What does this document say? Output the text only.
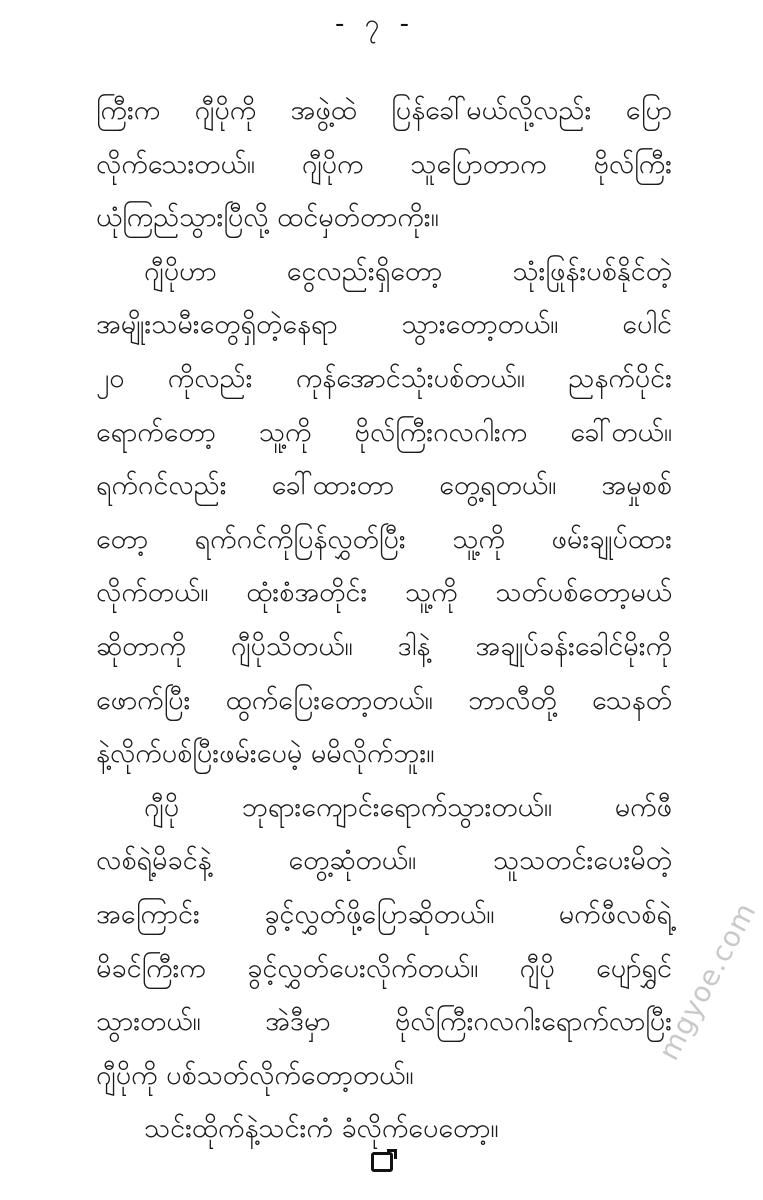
- ၇ -
ကြီးက ဂျီပိုကို အဖွဲ့ထဲ ပြန်ခေါ်မယ်လို့လည်း ပြော
လိုက်သေးတယ်။ ဂျီပိုက သူပြောတာက ဗိုလ်ကြီး
ယုံကြည်သွားပြီလို့ ထင်မှတ်တာကိုး။
ဂျီပိုဟာ ငွေလည်းရှိတော့ သုံးဖြုန်းပစ်နိုင်တဲ့
အမျိုးသမီးတွေရှိတဲ့နေရာ သွားတော့တယ်။ ပေါင်
၂၀ ကိုလည်း ကုန်အောင်သုံးပစ်တယ်။ ညနက်ပိုင်း
ရောက်တော့ သူ့ကို ဗိုလ်ကြီးဂလဂါးက ခေါ်တယ်။
ရက်ဂင်လည်း ခေါ်ထားတာ တွေ့ရတယ်။ အမှုစစ်
တော့ ရက်ဂင်ကိုပြန်လွှတ်ပြီး သူ့ကို ဖမ်းချုပ်ထား
လိုက်တယ်။ ထုံးစံအတိုင်း သူ့ကို သတ်ပစ်တော့မယ်
ဆိုတာကို ဂျီပိုသိတယ်။ ဒါနဲ့ အချုပ်ခန်းခေါင်မိုးကို
ဖောက်ပြီး ထွက်ပြေးတော့တယ်။ ဘာလီတို့ သေနတ်
နဲ့လိုက်ပစ်ပြီးဖမ်းပေမဲ့ မမိလိုက်ဘူး။
ဂျီပို ဘုရားကျောင်းရောက်သွားတယ်။ မက်ဖီ
လစ်ရဲ့မိခင်နဲ့ တွေ့ဆုံတယ်။ သူသတင်းပေးမိတဲ့
အကြောင်း ခွင့်လွှတ်ဖို့ပြောဆိုတယ်။ မက်ဖီလစ်ရဲ့
မိခင်ကြီးက ခွင့်လွှတ်ပေးလိုက်တယ်။ ဂျီပို ပျော်ရွှင်
သွားတယ်။ အဲဒီမှာ ဗိုလ်ကြီးဂလဂါးရောက်လာပြီး
ဂျီပိုကို ပစ်သတ်လိုက်တော့တယ်။
သင်းထိုက်နဲ့သင်းကံ ခံလိုက်ပေတော့။
mgyoe.com
